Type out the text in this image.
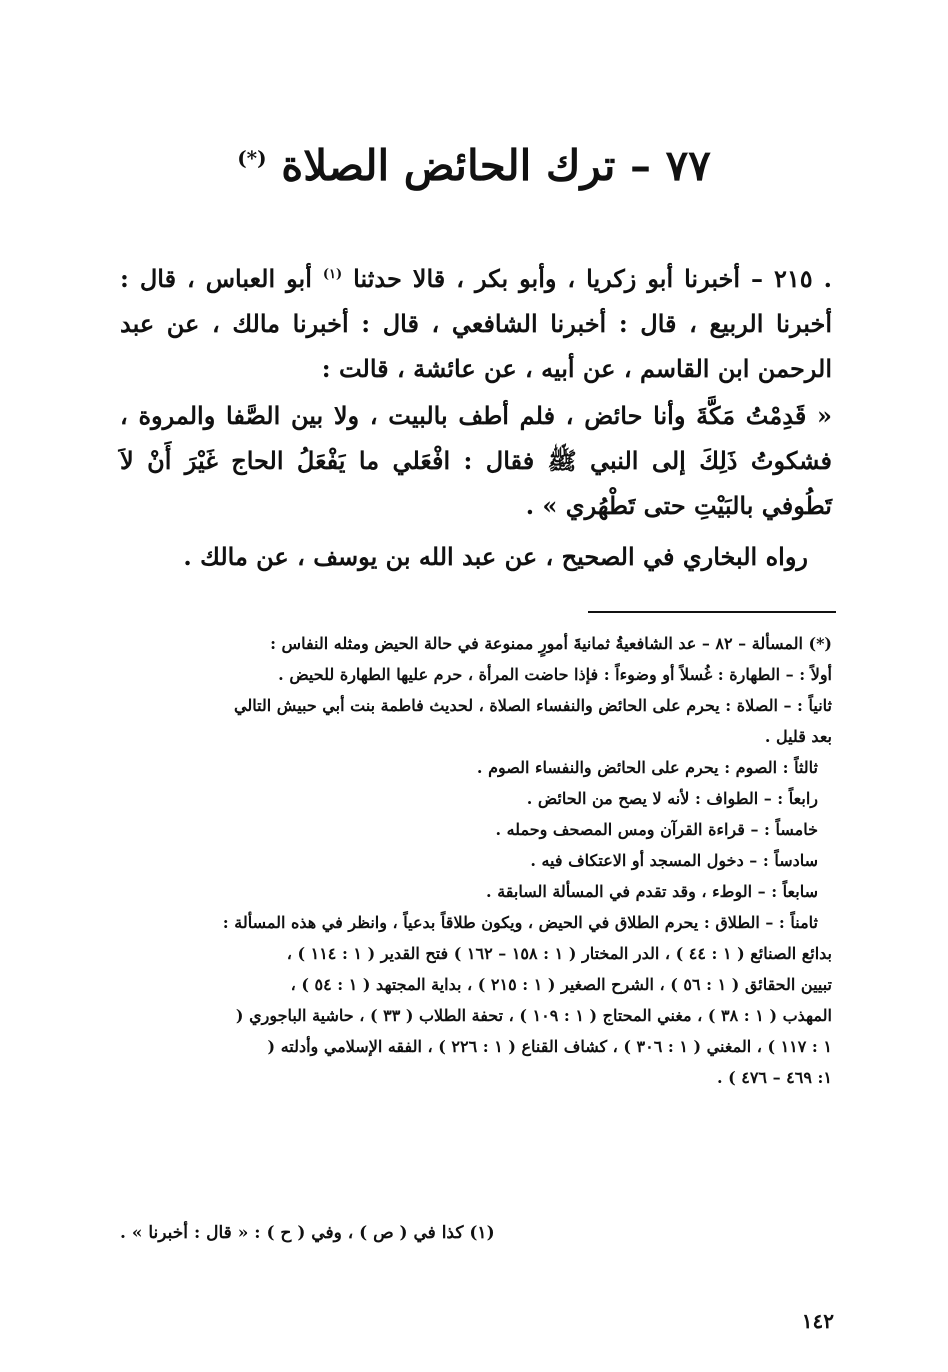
٧٧ – ترك الحائض الصلاة (*)

. ٢١٥ – أخبرنا أبو زكريا ، وأبو بكر ، قالا حدثنا $^{(١)}$ أبو العباس ، قال : أخبرنا الربيع ، قال : أخبرنا الشافعي ، قال : أخبرنا مالك ، عن عبد الرحمن ابن القاسم ، عن أبيه ، عن عائشة ، قالت :

« قَدِمْتُ مَكَّةَ وأنا حائض ، فلم أطف بالبيت ، ولا بين الصَّفا والمروة ، فشكوتُ ذَلِكَ إلى النبي ﷺ فقال : افْعَلي ما يَفْعَلُ الحاج غَيْرَ أَنْ لاَ تَطُوفي بالبَيْتِ حتى تَطْهُري » .

رواه البخاري في الصحيح ، عن عبد الله بن يوسف ، عن مالك .

(*) المسألة – ٨٢ – عد الشافعيةُ ثمانيةَ أمورٍ ممنوعة في حالة الحيض ومثله النفاس :

أولاً : – الطهارة : غُسلاً أو وضوءاً : فإذا حاضت المرأة ، حرم عليها الطهارة للحيض .

ثانياً : – الصلاة : يحرم على الحائض والنفساء الصلاة ، لحديث فاطمة بنت أبي حبيش التالي

بعد قليل .

ثالثاً : الصوم : يحرم على الحائض والنفساء الصوم .

رابعاً : – الطواف : لأنه لا يصح من الحائض .

خامساً : – قراءة القرآن ومس المصحف وحمله .

سادساً : – دخول المسجد أو الاعتكاف فيه .

سابعاً : – الوطء ، وقد تقدم في المسألة السابقة .

ثامناً : – الطلاق : يحرم الطلاق في الحيض ، ويكون طلاقاً بدعياً ، وانظر في هذه المسألة :

بدائع الصنائع ( ١ : ٤٤ ) ، الدر المختار ( ١ : ١٥٨ – ١٦٢ ) فتح القدير ( ١ : ١١٤ ) ،

تبيين الحقائق ( ١ : ٥٦ ) ، الشرح الصغير ( ١ : ٢١٥ ) ، بداية المجتهد ( ١ : ٥٤ ) ،

المهذب ( ١ : ٣٨ ) ، مغني المحتاج ( ١ : ١٠٩ ) ، تحفة الطلاب ( ٣٣ ) ، حاشية الباجوري (

١ : ١١٧ ) ، المغني ( ١ : ٣٠٦ ) ، كشاف القناع ( ١ : ٢٢٦ ) ، الفقه الإسلامي وأدلته (

١: ٤٦٩ – ٤٧٦ ) .

(١) كذا في ( ص ) ، وفي ( ح ) : « قال : أخبرنا » .
١٤٢
